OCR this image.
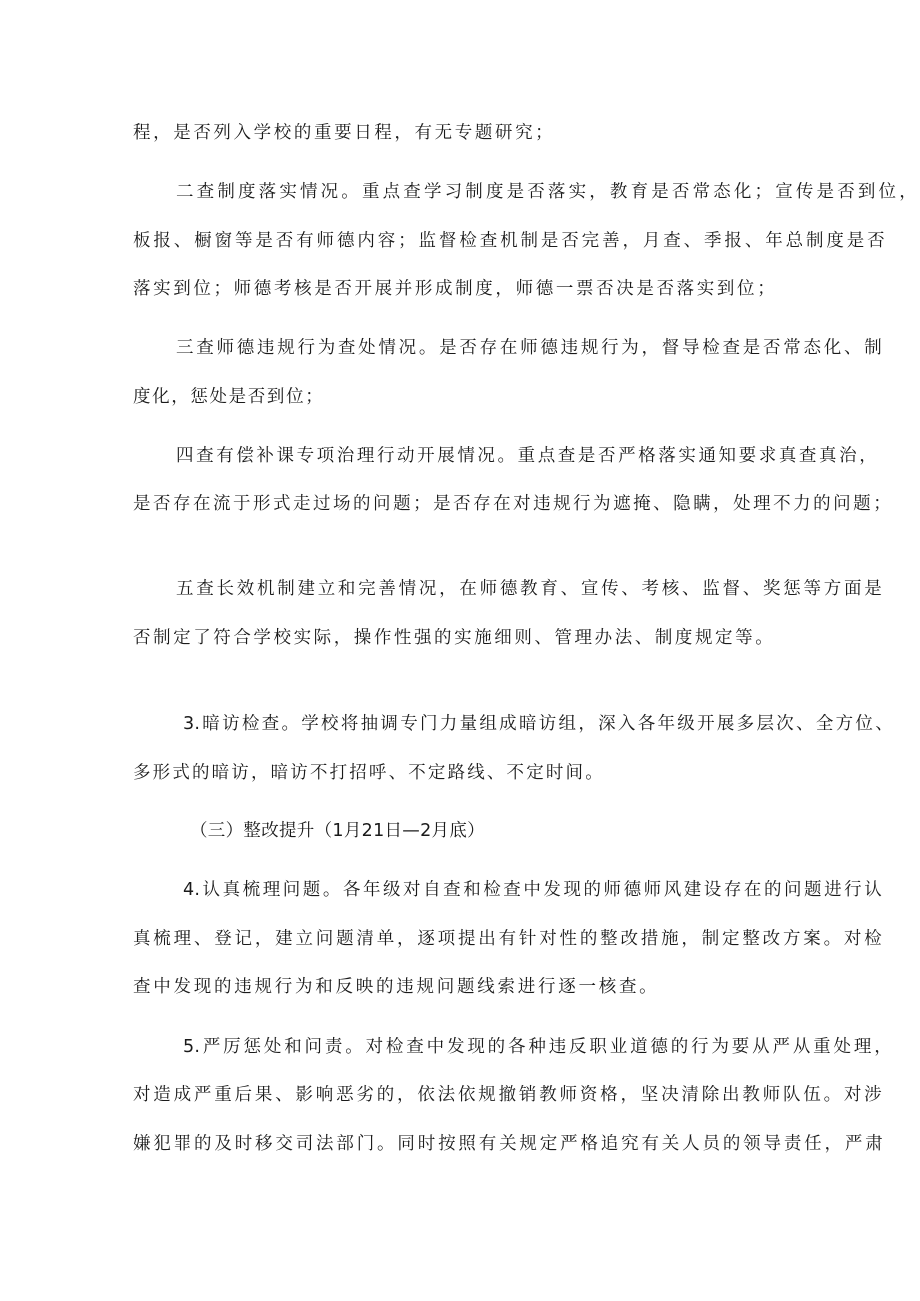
程，是否列入学校的重要日程，有无专题研究；
二查制度落实情况。重点查学习制度是否落实，教育是否常态化；宣传是否到位，
板报、橱窗等是否有师德内容；监督检查机制是否完善，月查、季报、年总制度是否
落实到位；师德考核是否开展并形成制度，师德一票否决是否落实到位；
三查师德违规行为查处情况。是否存在师德违规行为，督导检查是否常态化、制
度化，惩处是否到位；
四查有偿补课专项治理行动开展情况。重点查是否严格落实通知要求真查真治，
是否存在流于形式走过场的问题；是否存在对违规行为遮掩、隐瞒，处理不力的问题；
五查长效机制建立和完善情况，在师德教育、宣传、考核、监督、奖惩等方面是
否制定了符合学校实际，操作性强的实施细则、管理办法、制度规定等。
3.暗访检查。学校将抽调专门力量组成暗访组，深入各年级开展多层次、全方位、
多形式的暗访，暗访不打招呼、不定路线、不定时间。
（三）整改提升（1月21日—2月底）
4.认真梳理问题。各年级对自查和检查中发现的师德师风建设存在的问题进行认
真梳理、登记，建立问题清单，逐项提出有针对性的整改措施，制定整改方案。对检
查中发现的违规行为和反映的违规问题线索进行逐一核查。
5.严厉惩处和问责。对检查中发现的各种违反职业道德的行为要从严从重处理，
对造成严重后果、影响恶劣的，依法依规撤销教师资格，坚决清除出教师队伍。对涉
嫌犯罪的及时移交司法部门。同时按照有关规定严格追究有关人员的领导责任，严肃
